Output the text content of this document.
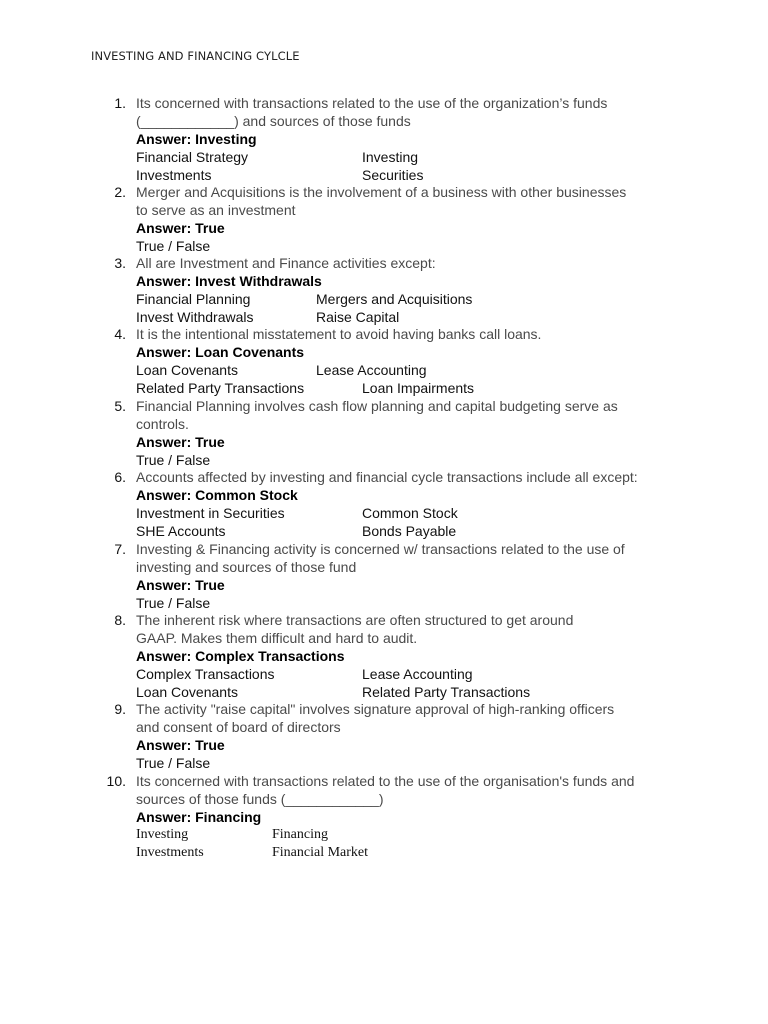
INVESTING AND FINANCING CYLCLE
1. Its concerned with transactions related to the use of the organization’s funds
(____________) and sources of those funds
Answer: Investing
Financial Strategy	Investing
Investments	Securities
2. Merger and Acquisitions is the involvement of a business with other businesses
to serve as an investment
Answer: True
True / False
3. All are Investment and Finance activities except:
Answer: Invest Withdrawals
Financial Planning	Mergers and Acquisitions
Invest Withdrawals	Raise Capital
4. It is the intentional misstatement to avoid having banks call loans.
Answer: Loan Covenants
Loan Covenants	Lease Accounting
Related Party Transactions	Loan Impairments
5. Financial Planning involves cash flow planning and capital budgeting serve as
controls.
Answer: True
True / False
6. Accounts affected by investing and financial cycle transactions include all except:
Answer: Common Stock
Investment in Securities	Common Stock
SHE Accounts	Bonds Payable
7. Investing & Financing activity is concerned w/ transactions related to the use of
investing and sources of those fund
Answer: True
True / False
8. The inherent risk where transactions are often structured to get around
GAAP. Makes them difficult and hard to audit.
Answer: Complex Transactions
Complex Transactions	Lease Accounting
Loan Covenants	Related Party Transactions
9. The activity "raise capital" involves signature approval of high-ranking officers
and consent of board of directors
Answer: True
True / False
10. Its concerned with transactions related to the use of the organisation's funds and
sources of those funds (____________)
Answer: Financing
Investing	Financing
Investments	Financial Market
